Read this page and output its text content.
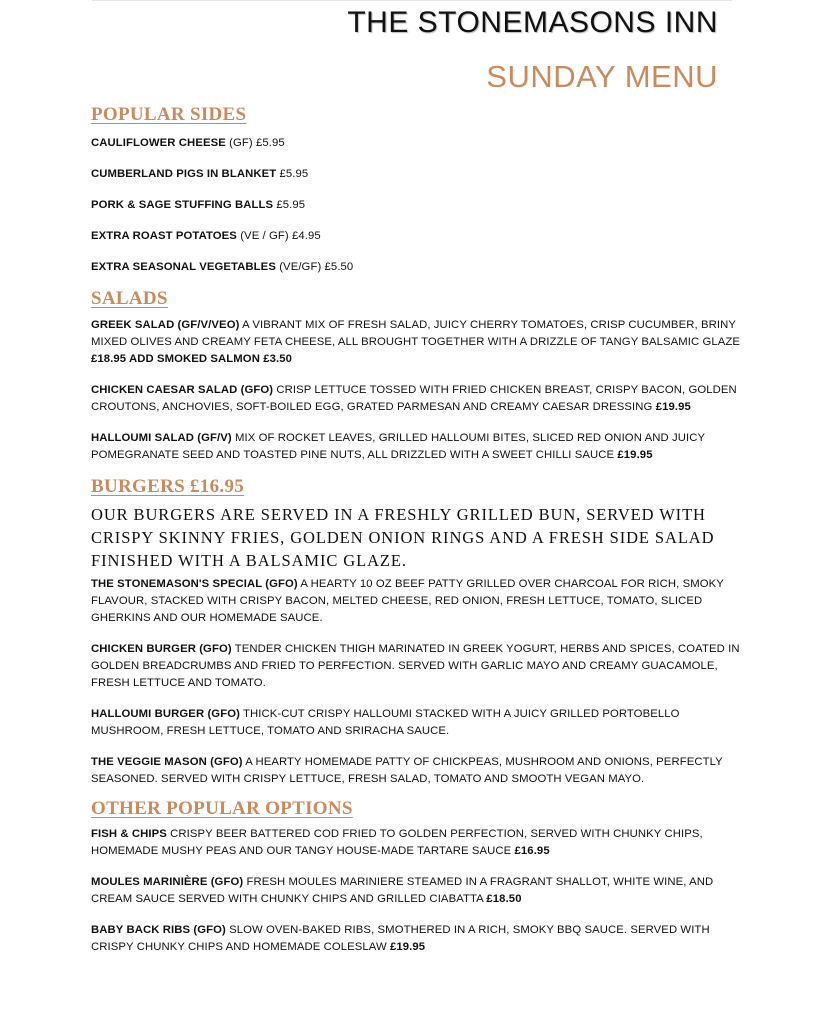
THE STONEMASONS INN
SUNDAY MENU
POPULAR SIDES

CAULIFLOWER CHEESE (GF) £5.95

CUMBERLAND PIGS IN BLANKET £5.95

PORK & SAGE STUFFING BALLS £5.95

EXTRA ROAST POTATOES (VE / GF) £4.95

EXTRA SEASONAL VEGETABLES (VE/GF) £5.50

SALADS

GREEK SALAD (GF/V/VEO) A VIBRANT MIX OF FRESH SALAD, JUICY CHERRY TOMATOES, CRISP CUCUMBER, BRINY MIXED OLIVES AND CREAMY FETA CHEESE, ALL BROUGHT TOGETHER WITH A DRIZZLE OF TANGY BALSAMIC GLAZE £18.95 ADD SMOKED SALMON £3.50

CHICKEN CAESAR SALAD (GFO) CRISP LETTUCE TOSSED WITH FRIED CHICKEN BREAST, CRISPY BACON, GOLDEN CROUTONS, ANCHOVIES, SOFT-BOILED EGG, GRATED PARMESAN AND CREAMY CAESAR DRESSING £19.95

HALLOUMI SALAD (GF/V) MIX OF ROCKET LEAVES, GRILLED HALLOUMI BITES, SLICED RED ONION AND JUICY POMEGRANATE SEED AND TOASTED PINE NUTS, ALL DRIZZLED WITH A SWEET CHILLI SAUCE £19.95

BURGERS £16.95

OUR BURGERS ARE SERVED IN A FRESHLY GRILLED BUN, SERVED WITH CRISPY SKINNY FRIES, GOLDEN ONION RINGS AND A FRESH SIDE SALAD FINISHED WITH A BALSAMIC GLAZE.

THE STONEMASON'S SPECIAL (GFO) A HEARTY 10 OZ BEEF PATTY GRILLED OVER CHARCOAL FOR RICH, SMOKY FLAVOUR, STACKED WITH CRISPY BACON, MELTED CHEESE, RED ONION, FRESH LETTUCE, TOMATO, SLICED GHERKINS AND OUR HOMEMADE SAUCE.

CHICKEN BURGER (GFO) TENDER CHICKEN THIGH MARINATED IN GREEK YOGURT, HERBS AND SPICES, COATED IN GOLDEN BREADCRUMBS AND FRIED TO PERFECTION. SERVED WITH GARLIC MAYO AND CREAMY GUACAMOLE, FRESH LETTUCE AND TOMATO.

HALLOUMI BURGER (GFO) THICK-CUT CRISPY HALLOUMI STACKED WITH A JUICY GRILLED PORTOBELLO MUSHROOM, FRESH LETTUCE, TOMATO AND SRIRACHA SAUCE.

THE VEGGIE MASON (GFO) A HEARTY HOMEMADE PATTY OF CHICKPEAS, MUSHROOM AND ONIONS, PERFECTLY SEASONED. SERVED WITH CRISPY LETTUCE, FRESH SALAD, TOMATO AND SMOOTH VEGAN MAYO.

OTHER POPULAR OPTIONS

FISH & CHIPS CRISPY BEER BATTERED COD FRIED TO GOLDEN PERFECTION, SERVED WITH CHUNKY CHIPS, HOMEMADE MUSHY PEAS AND OUR TANGY HOUSE-MADE TARTARE SAUCE £16.95

MOULES MARINIÈRE (GFO) FRESH MOULES MARINIERE STEAMED IN A FRAGRANT SHALLOT, WHITE WINE, AND CREAM SAUCE SERVED WITH CHUNKY CHIPS AND GRILLED CIABATTA £18.50

BABY BACK RIBS (GFO) SLOW OVEN-BAKED RIBS, SMOTHERED IN A RICH, SMOKY BBQ SAUCE. SERVED WITH CRISPY CHUNKY CHIPS AND HOMEMADE COLESLAW £19.95
